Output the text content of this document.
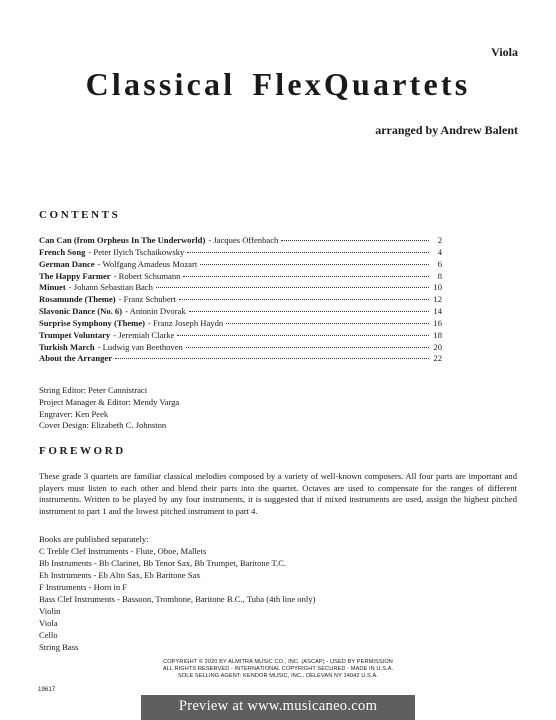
Viola
Classical FlexQuartets
arranged by Andrew Balent
CONTENTS
Can Can (from Orpheus In The Underworld) - Jacques Offenbach	2
French Song - Peter Ilyich Tschaikowsky	4
German Dance - Wolfgang Amadeus Mozart	6
The Happy Farmer - Robert Schumann	8
Minuet - Johann Sebastian Bach	10
Rosamunde (Theme) - Franz Schubert	12
Slavonic Dance (No. 6) - Antonin Dvorak	14
Surprise Symphony (Theme) - Franz Joseph Haydn	16
Trumpet Voluntary - Jeremiah Clarke	18
Turkish March - Ludwig van Beethoven	20
About the Arranger	22
String Editor: Peter Cannistraci
Project Manager & Editor: Mendy Varga
Engraver: Ken Peek
Cover Design: Elizabeth C. Johnston
FOREWORD
These grade 3 quartets are familiar classical melodies composed by a variety of well-known composers. All four parts are important and players must listen to each other and blend their parts into the quartet. Octaves are used to compensate for the ranges of different instruments. Written to be played by any four instruments, it is suggested that if mixed instruments are used, assign the highest pitched instrument to part 1 and the lowest pitched instrument to part 4.
Books are published separately:
C Treble Clef Instruments - Flute, Oboe, Mallets
Bb Instruments - Bb Clarinet, Bb Tenor Sax, Bb Trumpet, Baritone T.C.
Eb Instruments - Eb Alto Sax, Eb Baritone Sax
F Instruments - Horn in F
Bass Clef Instruments - Bassoon, Trombone, Baritone B.C., Tuba (4th line only)
Violin
Viola
Cello
String Bass
COPYRIGHT © 2020 BY ALMITRA MUSIC CO., INC. (ASCAP) - USED BY PERMISSION
ALL RIGHTS RESERVED - INTERNATIONAL COPYRIGHT SECURED - MADE IN U.S.A.
SOLE SELLING AGENT: KENDOR MUSIC, INC., DELEVAN NY 14042 U.S.A.
19617
Preview at www.musicaneo.com
